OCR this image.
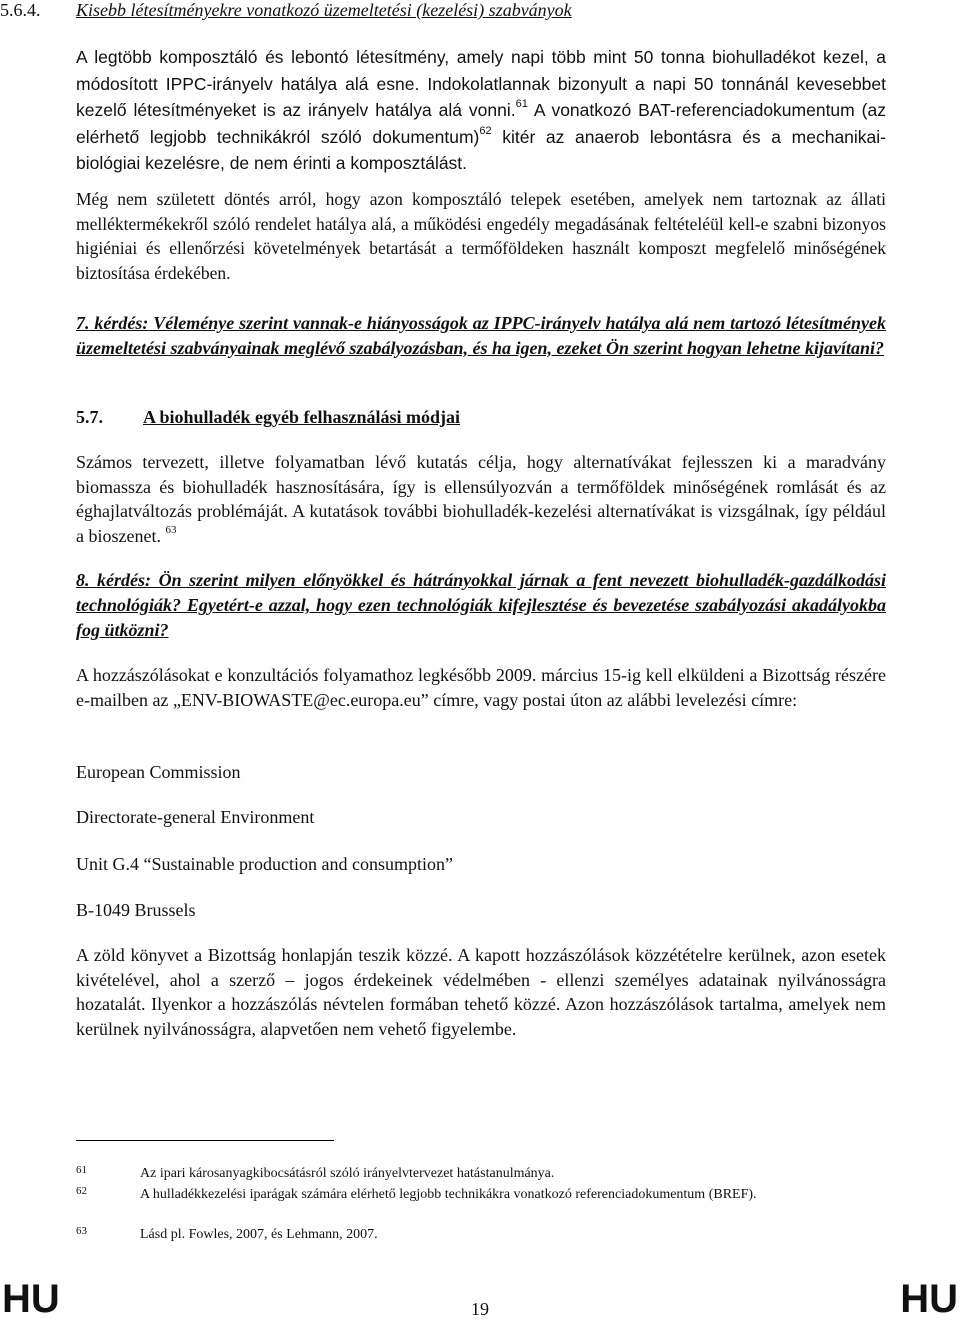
5.6.4. Kisebb létesítményekre vonatkozó üzemeltetési (kezelési) szabványok

A legtöbb komposztáló és lebontó létesítmény, amely napi több mint 50 tonna biohulladékot kezel, a módosított IPPC-irányelv hatálya alá esne. Indokolatlannak bizonyult a napi 50 tonnánál kevesebbet kezelő létesítményeket is az irányelv hatálya alá vonni.$^{61}$ A vonatkozó BAT-referenciadokumentum (az elérhető legjobb technikákról szóló dokumentum)$^{62}$ kitér az anaerob lebontásra és a mechanikai-biológiai kezelésre, de nem érinti a komposztálást.

Még nem született döntés arról, hogy azon komposztáló telepek esetében, amelyek nem tartoznak az állati melléktermékekről szóló rendelet hatálya alá, a működési engedély megadásának feltételéül kell-e szabni bizonyos higiéniai és ellenőrzési követelmények betartását a termőföldeken használt komposzt megfelelő minőségének biztosítása érdekében.

7. kérdés: Véleménye szerint vannak-e hiányosságok az IPPC-irányelv hatálya alá nem tartozó létesítmények üzemeltetési szabványainak meglévő szabályozásban, és ha igen, ezeket Ön szerint hogyan lehetne kijavítani?

5.7. A biohulladék egyéb felhasználási módjai

Számos tervezett, illetve folyamatban lévő kutatás célja, hogy alternatívákat fejlesszen ki a maradvány biomassza és biohulladék hasznosítására, így is ellensúlyozván a termőföldek minőségének romlását és az éghajlatváltozás problémáját. A kutatások további biohulladék-kezelési alternatívákat is vizsgálnak, így például a bioszenet. $^{63}$

8. kérdés: Ön szerint milyen előnyökkel és hátrányokkal járnak a fent nevezett biohulladék-gazdálkodási technológiák? Egyetért-e azzal, hogy ezen technológiák kifejlesztése és bevezetése szabályozási akadályokba fog ütközni?

A hozzászólásokat e konzultációs folyamathoz legkésőbb 2009. március 15-ig kell elküldeni a Bizottság részére e-mailben az „ENV-BIOWASTE@ec.europa.eu” címre, vagy postai úton az alábbi levelezési címre:

European Commission
Directorate-general Environment
Unit G.4 “Sustainable production and consumption”
B-1049 Brussels

A zöld könyvet a Bizottság honlapján teszik közzé. A kapott hozzászólások közzétételre kerülnek, azon esetek kivételével, ahol a szerző – jogos érdekeinek védelmében - ellenzi személyes adatainak nyilvánosságra hozatalát. Ilyenkor a hozzászólás névtelen formában tehető közzé. Azon hozzászólások tartalma, amelyek nem kerülnek nyilvánosságra, alapvetően nem vehető figyelembe.

61	Az ipari károsanyagkibocsátásról szóló irányelvtervezet hatástanulmánya.
62	A hulladékkezelési iparágak számára elérhető legjobb technikákra vonatkozó referenciadokumentum (BREF).
63	Lásd pl. Fowles, 2007, és Lehmann, 2007.
HU	19	HU
